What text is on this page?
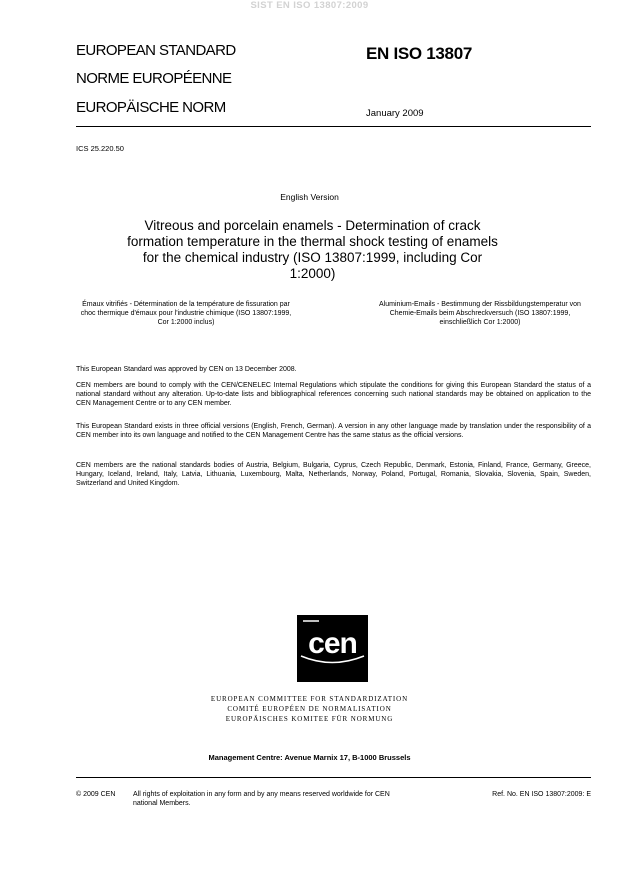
SIST EN ISO 13807:2009
EUROPEAN STANDARD
NORME EUROPÉENNE
EUROPÄISCHE NORM
EN ISO 13807
January 2009
ICS 25.220.50
English Version
Vitreous and porcelain enamels - Determination of crack formation temperature in the thermal shock testing of enamels for the chemical industry (ISO 13807:1999, including Cor 1:2000)
Émaux vitrifiés - Détermination de la température de fissuration par choc thermique d'émaux pour l'industrie chimique (ISO 13807:1999, Cor 1:2000 inclus)
Aluminium-Emails - Bestimmung der Rissbildungstemperatur von Chemie-Emails beim Abschreckversuch (ISO 13807:1999, einschließlich Cor 1:2000)
This European Standard was approved by CEN on 13 December 2008.
CEN members are bound to comply with the CEN/CENELEC Internal Regulations which stipulate the conditions for giving this European Standard the status of a national standard without any alteration. Up-to-date lists and bibliographical references concerning such national standards may be obtained on application to the CEN Management Centre or to any CEN member.
This European Standard exists in three official versions (English, French, German). A version in any other language made by translation under the responsibility of a CEN member into its own language and notified to the CEN Management Centre has the same status as the official versions.
CEN members are the national standards bodies of Austria, Belgium, Bulgaria, Cyprus, Czech Republic, Denmark, Estonia, Finland, France, Germany, Greece, Hungary, Iceland, Ireland, Italy, Latvia, Lithuania, Luxembourg, Malta, Netherlands, Norway, Poland, Portugal, Romania, Slovakia, Slovenia, Spain, Sweden, Switzerland and United Kingdom.
cen
EUROPEAN COMMITTEE FOR STANDARDIZATION
COMITÉ EUROPÉEN DE NORMALISATION
EUROPÄISCHES KOMITEE FÜR NORMUNG
Management Centre: Avenue Marnix 17, B-1000 Brussels
© 2009 CEN	All rights of exploitation in any form and by any means reserved worldwide for CEN national Members.
Ref. No. EN ISO 13807:2009: E
